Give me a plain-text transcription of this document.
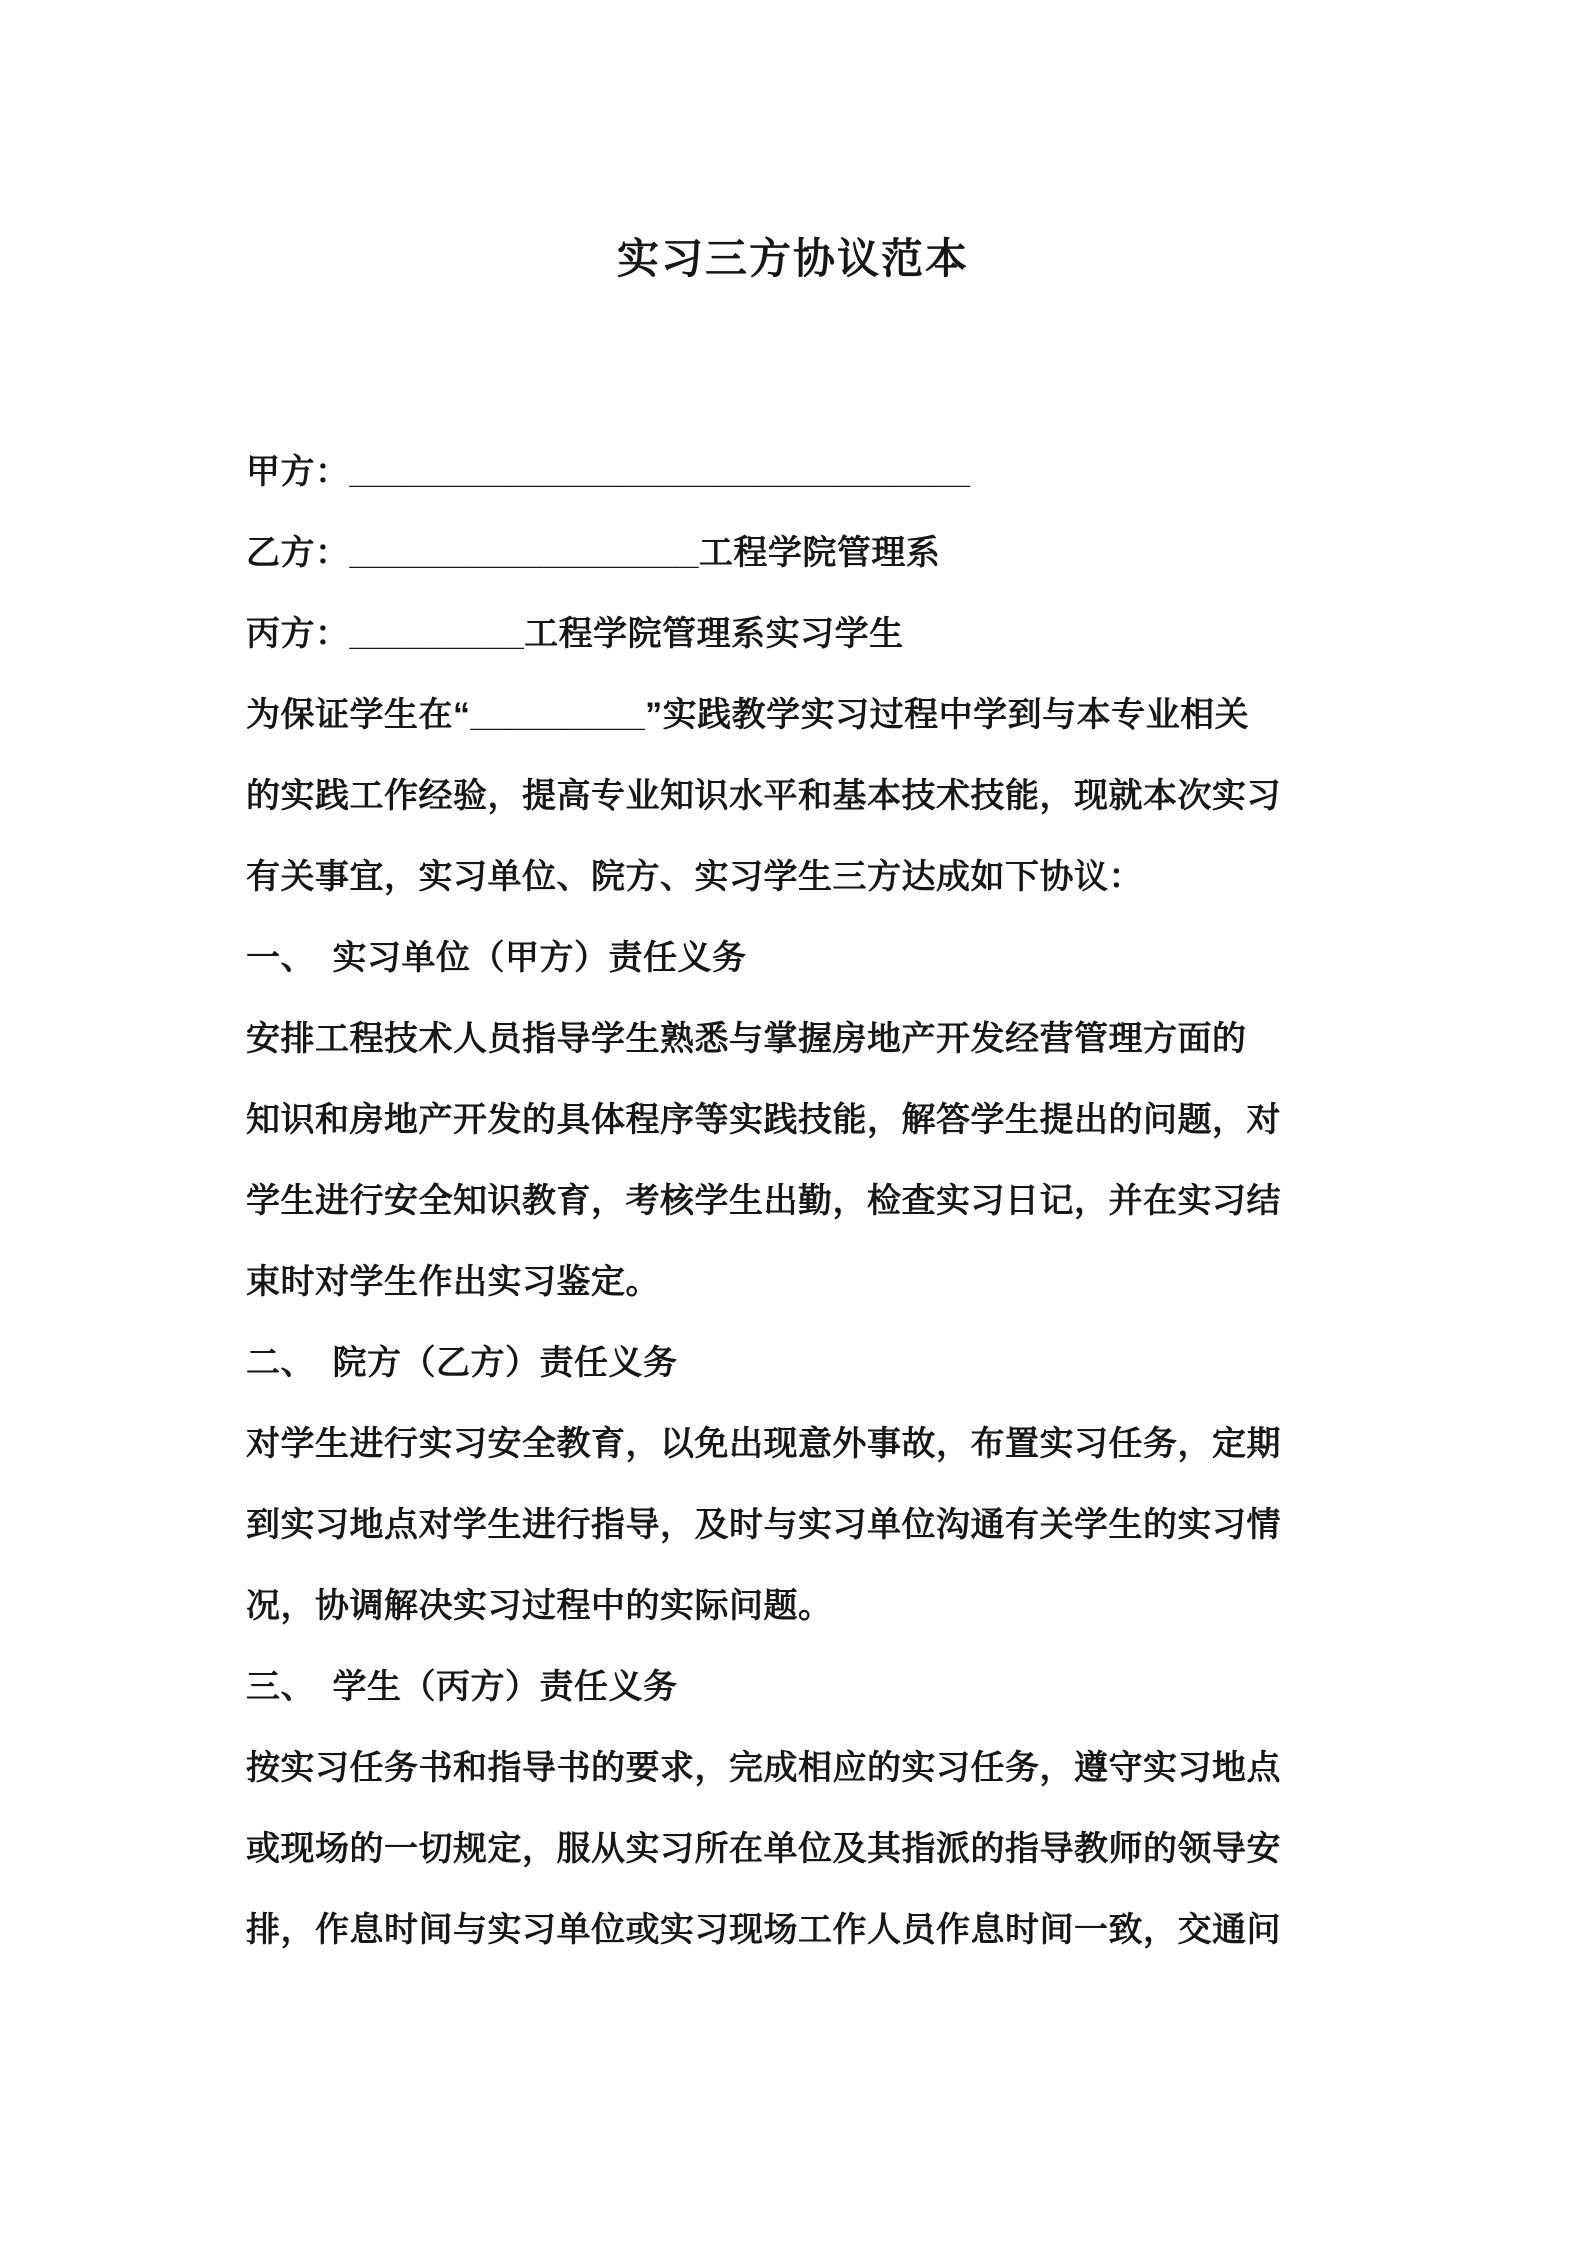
实习三方协议范本
甲方：________________________________
乙方：__________________工程学院管理系
丙方：_________工程学院管理系实习学生
为保证学生在“_________”实践教学实习过程中学到与本专业相关
的实践工作经验，提高专业知识水平和基本技术技能，现就本次实习
有关事宜，实习单位、院方、实习学生三方达成如下协议：
一、　实习单位（甲方）责任义务
安排工程技术人员指导学生熟悉与掌握房地产开发经营管理方面的
知识和房地产开发的具体程序等实践技能，解答学生提出的问题，对
学生进行安全知识教育，考核学生出勤，检查实习日记，并在实习结
束时对学生作出实习鉴定。
二、　院方（乙方）责任义务
对学生进行实习安全教育，以免出现意外事故，布置实习任务，定期
到实习地点对学生进行指导，及时与实习单位沟通有关学生的实习情
况，协调解决实习过程中的实际问题。
三、　学生（丙方）责任义务
按实习任务书和指导书的要求，完成相应的实习任务，遵守实习地点
或现场的一切规定，服从实习所在单位及其指派的指导教师的领导安
排，作息时间与实习单位或实习现场工作人员作息时间一致，交通问
